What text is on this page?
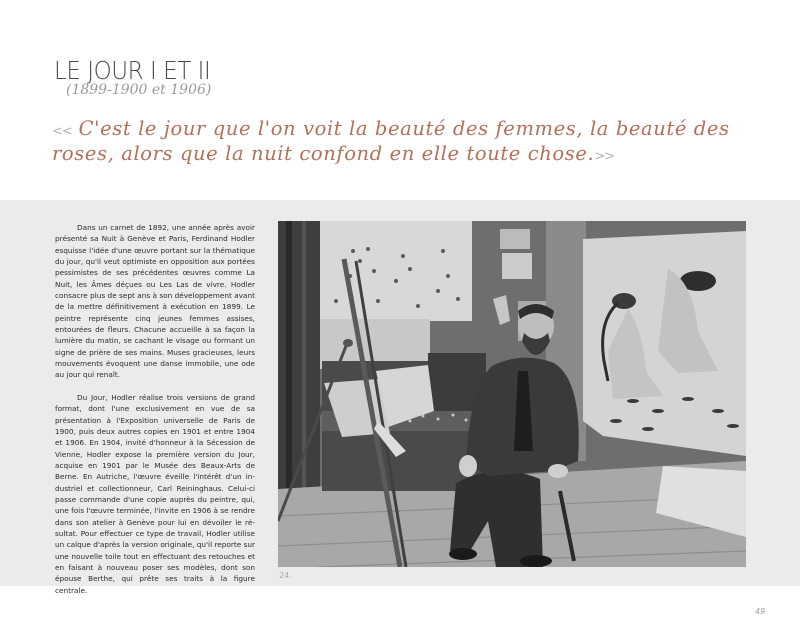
LE JOUR I ET II
(1899-1900 et 1906)
<< C'est le jour que l'on voit la beauté des femmes, la beauté des roses, alors que la nuit confond en elle toute chose.>>

Dans un carnet de 1892, une année après avoir présenté sa Nuit à Genève et Paris, Ferdinand Hodler esquisse l'idée d'une œuvre portant sur la thématique du jour, qu'il veut optimiste en opposition aux portées pessimistes de ses précédentes œuvres comme La Nuit, les Âmes déçues ou Les Las de vivre. Hodler consacre plus de sept ans à son développement avant de la mettre définitivement à exécution en 1899. Le peintre représente cinq jeunes femmes assises, entourées de fleurs. Chacune accueille à sa façon la lumière du matin, se cachant le visage ou formant un signe de prière de ses mains. Muses gracieuses, leurs mouvements évoquent une danse immobile, une ode au jour qui renaît.

Du Jour, Hodler réalise trois versions de grand format, dont l'une exclusivement en vue de sa présentation à l'Exposition universelle de Paris de 1900, puis deux autres copies en 1901 et entre 1904 et 1906. En 1904, invité d'honneur à la Sécession de Vienne, Hodler expose la première version du Jour, acquise en 1901 par le Musée des Beaux-Arts de Berne. En Autriche, l'œuvre éveille l'intérêt d'un industriel et collectionneur, Carl Reininghaus. Celui-ci passe commande d'une copie auprès du peintre, qui, une fois l'œuvre terminée, l'invite en 1906 à se rendre dans son atelier à Genève pour lui en dévoiler le résultat. Pour effectuer ce type de travail, Hodler utilise un calque d'après la version originale, qu'il reporte sur une nouvelle toile tout en effectuant des retouches et en faisant à nouveau poser ses modèles, dont son épouse Berthe, qui prête ses traits à la figure centrale.

24.
49
